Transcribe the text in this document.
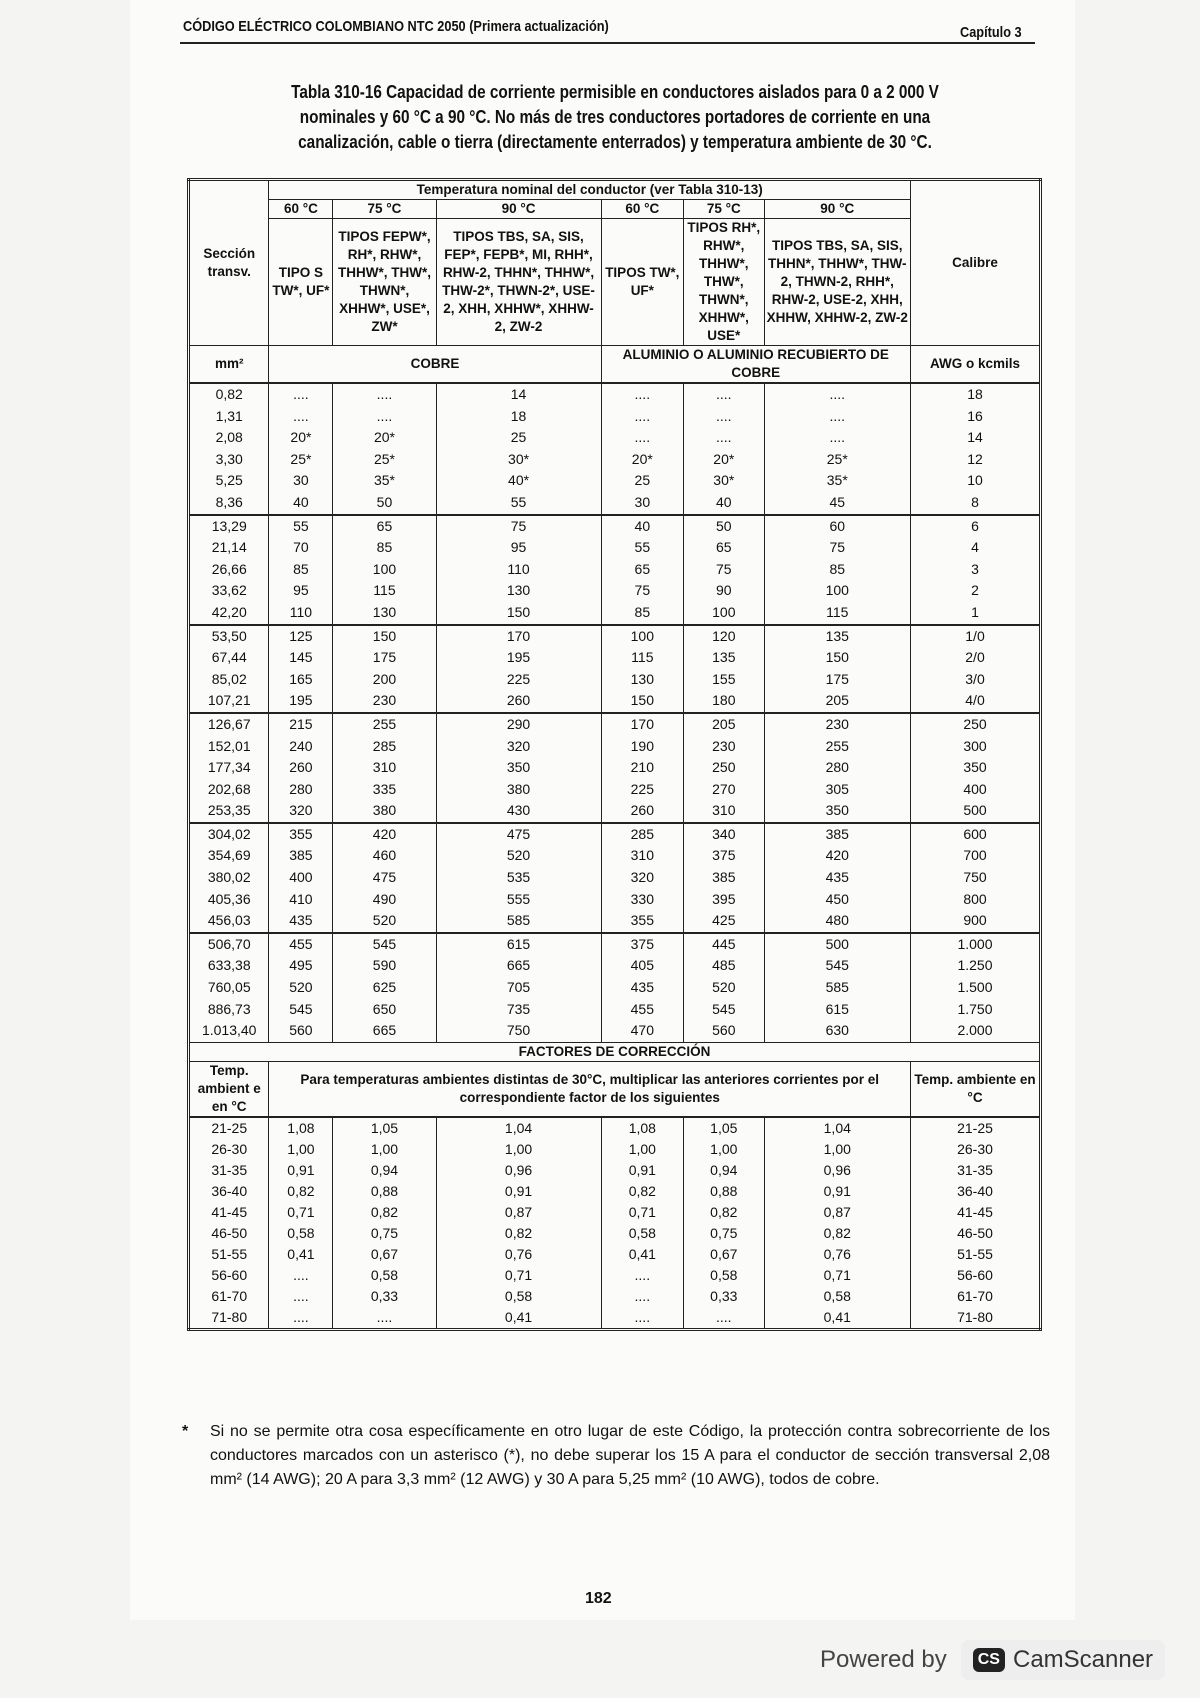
CÓDIGO ELÉCTRICO COLOMBIANO NTC 2050 (Primera actualización)	Capítulo 3
Tabla 310-16 Capacidad de corriente permisible en conductores aislados para 0 a 2 000 V nominales y 60 °C a 90 °C. No más de tres conductores portadores de corriente en una canalización, cable o tierra (directamente enterrados) y temperatura ambiente de 30 °C.
Sección transv.	Temperatura nominal del conductor (ver Tabla 310-13)						Calibre
	60 °C	75 °C	90 °C	60 °C	75 °C	90 °C	
	TIPO S TW*, UF*	TIPOS FEPW*, RH*, RHW*, THHW*, THW*, THWN*, XHHW*, USE*, ZW*	TIPOS TBS, SA, SIS, FEP*, FEPB*, MI, RHH*, RHW-2, THHN*, THHW*, THW-2*, THWN-2*, USE-2, XHH, XHHW*, XHHW-2, ZW-2	TIPOS TW*, UF*	TIPOS RH*, RHW*, THHW*, THW*, THWN*, XHHW*, USE*	TIPOS TBS, SA, SIS, THHN*, THHW*, THW-2, THWN-2, RHH*, RHW-2, USE-2, XHH, XHHW, XHHW-2, ZW-2	
mm²	COBRE			ALUMINIO O ALUMINIO RECUBIERTO DE COBRE			AWG o kcmils
0,82	....	....	14	....	....	....	18
1,31	....	....	18	....	....	....	16
2,08	20*	20*	25	....	....	....	14
3,30	25*	25*	30*	20*	20*	25*	12
5,25	30	35*	40*	25	30*	35*	10
8,36	40	50	55	30	40	45	8
13,29	55	65	75	40	50	60	6
21,14	70	85	95	55	65	75	4
26,66	85	100	110	65	75	85	3
33,62	95	115	130	75	90	100	2
42,20	110	130	150	85	100	115	1
53,50	125	150	170	100	120	135	1/0
67,44	145	175	195	115	135	150	2/0
85,02	165	200	225	130	155	175	3/0
107,21	195	230	260	150	180	205	4/0
126,67	215	255	290	170	205	230	250
152,01	240	285	320	190	230	255	300
177,34	260	310	350	210	250	280	350
202,68	280	335	380	225	270	305	400
253,35	320	380	430	260	310	350	500
304,02	355	420	475	285	340	385	600
354,69	385	460	520	310	375	420	700
380,02	400	475	535	320	385	435	750
405,36	410	490	555	330	395	450	800
456,03	435	520	585	355	425	480	900
506,70	455	545	615	375	445	500	1.000
633,38	495	590	665	405	485	545	1.250
760,05	520	625	705	435	520	585	1.500
886,73	545	650	735	455	545	615	1.750
1.013,40	560	665	750	470	560	630	2.000
FACTORES DE CORRECCIÓN							
Temp. ambient e en °C	Para temperaturas ambientes distintas de 30°C, multiplicar las anteriores corrientes por el correspondiente factor de los siguientes						Temp. ambiente en °C
21-25	1,08	1,05	1,04	1,08	1,05	1,04	21-25
26-30	1,00	1,00	1,00	1,00	1,00	1,00	26-30
31-35	0,91	0,94	0,96	0,91	0,94	0,96	31-35
36-40	0,82	0,88	0,91	0,82	0,88	0,91	36-40
41-45	0,71	0,82	0,87	0,71	0,82	0,87	41-45
46-50	0,58	0,75	0,82	0,58	0,75	0,82	46-50
51-55	0,41	0,67	0,76	0,41	0,67	0,76	51-55
56-60	....	0,58	0,71	....	0,58	0,71	56-60
61-70	....	0,33	0,58	....	0,33	0,58	61-70
71-80	....	....	0,41	....	....	0,41	71-80
* Si no se permite otra cosa específicamente en otro lugar de este Código, la protección contra sobrecorriente de los conductores marcados con un asterisco (*), no debe superar los 15 A para el conductor de sección transversal 2,08 mm² (14 AWG); 20 A para 3,3 mm² (12 AWG) y 30 A para 5,25 mm² (10 AWG), todos de cobre.
182
Powered by	CS CamScanner
